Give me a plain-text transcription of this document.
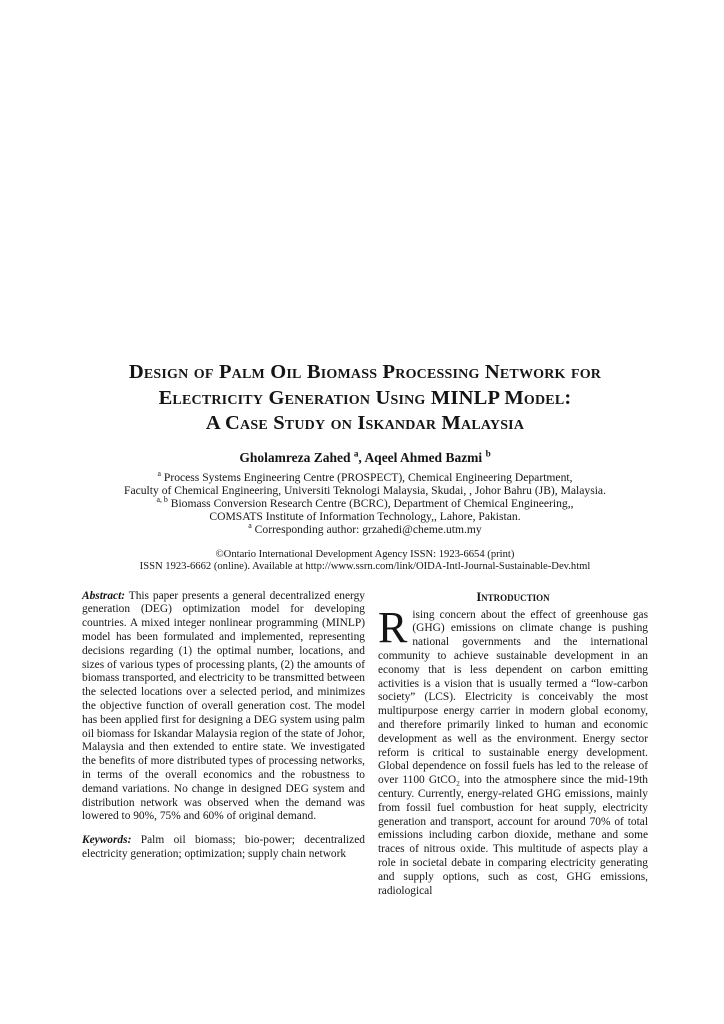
Design of Palm Oil Biomass Processing Network for
Electricity Generation Using MINLP Model:
A Case Study on Iskandar Malaysia
Gholamreza Zahed $^a$, Aqeel Ahmed Bazmi $^b$
$^a$ Process Systems Engineering Centre (PROSPECT), Chemical Engineering Department,
Faculty of Chemical Engineering, Universiti Teknologi Malaysia, Skudai, , Johor Bahru (JB), Malaysia.
$^{a, b}$ Biomass Conversion Research Centre (BCRC), Department of Chemical Engineering,,
COMSATS Institute of Information Technology,, Lahore, Pakistan.
$^a$ Corresponding author: grzahedi@cheme.utm.my
©Ontario International Development Agency ISSN: 1923-6654 (print)
ISSN 1923-6662 (online). Available at http://www.ssrn.com/link/OIDA-Intl-Journal-Sustainable-Dev.html

Abstract: This paper presents a general decentralized energy generation (DEG) optimization model for developing countries. A mixed integer nonlinear programming (MINLP) model has been formulated and implemented, representing decisions regarding (1) the optimal number, locations, and sizes of various types of processing plants, (2) the amounts of biomass transported, and electricity to be transmitted between the selected locations over a selected period, and minimizes the objective function of overall generation cost. The model has been applied first for designing a DEG system using palm oil biomass for Iskandar Malaysia region of the state of Johor, Malaysia and then extended to entire state. We investigated the benefits of more distributed types of processing networks, in terms of the overall economics and the robustness to demand variations. No change in designed DEG system and distribution network was observed when the demand was lowered to 90%, 75% and 60% of original demand.

Keywords: Palm oil biomass; bio-power; decentralized electricity generation; optimization; supply chain network

Introduction

Rising concern about the effect of greenhouse gas (GHG) emissions on climate change is pushing national governments and the international community to achieve sustainable development in an economy that is less dependent on carbon emitting activities is a vision that is usually termed a “low-carbon society” (LCS). Electricity is conceivably the most multipurpose energy carrier in modern global economy, and therefore primarily linked to human and economic development as well as the environment. Energy sector reform is critical to sustainable energy development. Global dependence on fossil fuels has led to the release of over 1100 GtCO₂ into the atmosphere since the mid-19th century. Currently, energy-related GHG emissions, mainly from fossil fuel combustion for heat supply, electricity generation and transport, account for around 70% of total emissions including carbon dioxide, methane and some traces of nitrous oxide. This multitude of aspects play a role in societal debate in comparing electricity generating and supply options, such as cost, GHG emissions, radiological
